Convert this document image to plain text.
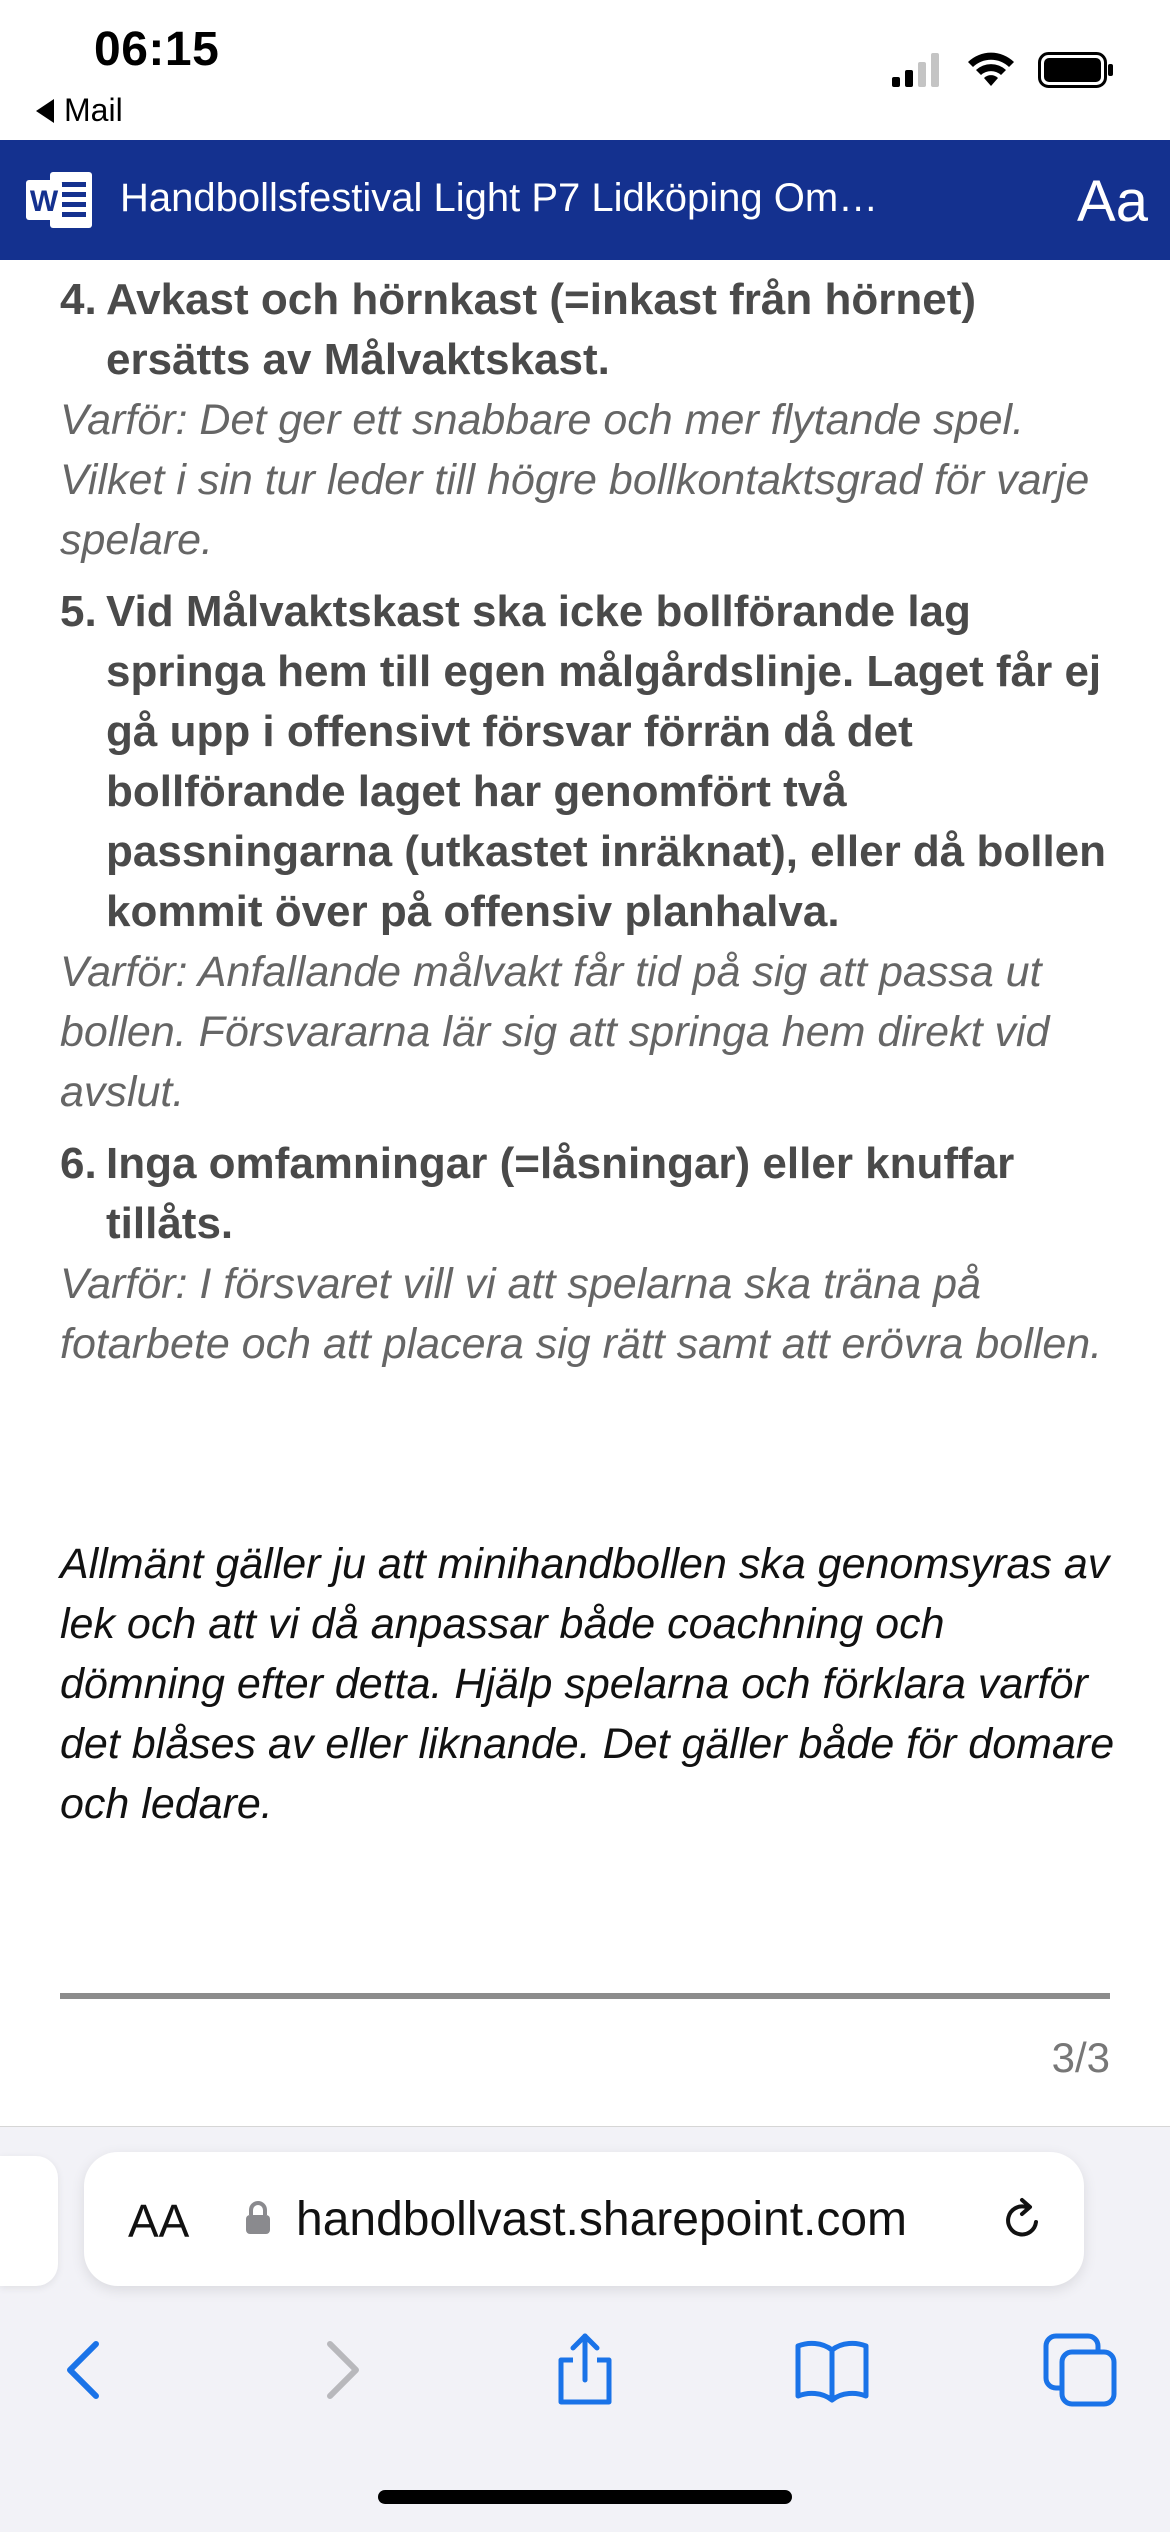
06:15
Mail
W Handbollsfestival Light P7 Lidköping Om…	Aa
4. Avkast och hörnkast (=inkast från hörnet) ersätts av Målvaktskast.
Varför: Det ger ett snabbare och mer flytande spel. Vilket i sin tur leder till högre bollkontaktsgrad för varje spelare.
5. Vid Målvaktskast ska icke bollförande lag springa hem till egen målgårdslinje. Laget får ej gå upp i offensivt försvar förrän då det bollförande laget har genomfört två passningarna (utkastet inräknat), eller då bollen kommit över på offensiv planhalva.
Varför: Anfallande målvakt får tid på sig att passa ut bollen. Försvararna lär sig att springa hem direkt vid avslut.
6. Inga omfamningar (=låsningar) eller knuffar tillåts.
Varför: I försvaret vill vi att spelarna ska träna på fotarbete och att placera sig rätt samt att erövra bollen.
Allmänt gäller ju att minihandbollen ska genomsyras av lek och att vi då anpassar både coachning och dömning efter detta. Hjälp spelarna och förklara varför det blåses av eller liknande. Det gäller både för domare och ledare.
3/3
AA handbollvast.sharepoint.com
